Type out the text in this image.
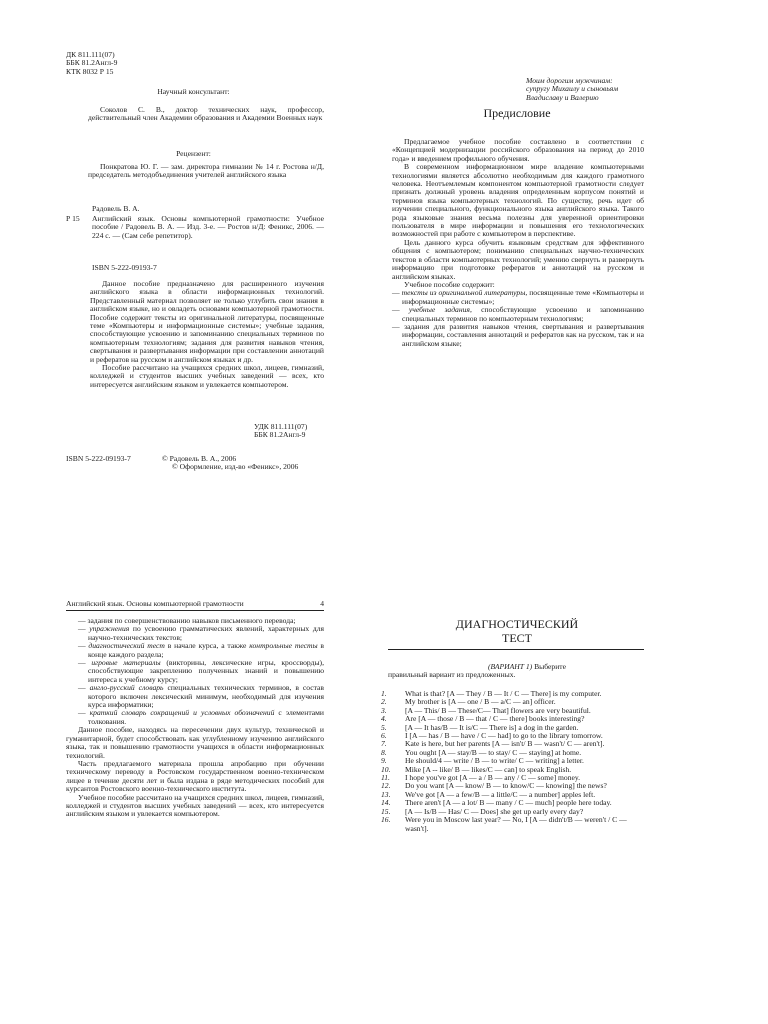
ДК 811.111(07)
ББК 81.2Англ-9
КТК 8032 Р 15
Моим дорогим мужчинам:
супругу Михаилу и сыновьям
Владиславу и Валерию
Научный консультант:
Соколов С. В., доктор технических наук, профессор, действительный член Академии образования и Академии Военных наук
Рецензент:
Понкратова Ю. Г. — зам. директора гимназии № 14 г. Ростова н/Д, председатель методобъединения учителей английского языка
Радовель В. А.
Р 15	Английский язык. Основы компьютерной грамотности: Учебное пособие / Радовель В. А. — Изд. 3-е. — Ростов н/Д: Феникс, 2006. — 224 с. — (Сам себе репетитор).
ISBN 5-222-09193-7

Данное пособие предназначено для расширенного изучения английского языка в области информационных технологий. Представленный материал позволяет не только углубить свои знания в английском языке, но и овладеть основами компьютерной грамотности. Пособие содержит тексты из оригинальной литературы, посвященные теме «Компьютеры и информационные системы»; учебные задания, способствующие усвоению и запоминанию специальных терминов по компьютерным технологиям; задания для развития навыков чтения, свертывания и развертывания информации при составлении аннотаций и рефератов на русском и английском языках и др.

Пособие рассчитано на учащихся средних школ, лицеев, гимназий, колледжей и студентов высших учебных заведений — всех, кто интересуется английским языком и увлекается компьютером.

УДК 811.111(07)
ББК 81.2Англ-9
ISBN 5-222-09193-7	© Радовель В. А., 2006
© Оформление, изд-во «Феникс», 2006
Предисловие

Предлагаемое учебное пособие составлено в соответствии с «Концепцией модернизации российского образования на период до 2010 года» и введением профильного обучения.

В современном информационном мире владение компьютерными технологиями является абсолютно необходимым для каждого грамотного человека. Неотъемлемым компонентом компьютерной грамотности следует признать должный уровень владения определенным корпусом понятий и терминов языка компьютерных технологий. По существу, речь идет об изучении специального, функционального языка английского языка. Такого рода языковые знания весьма полезны для уверенной ориентировки пользователя в мире информации и повышения его технологических возможностей при работе с компьютером в перспективе.

Цель данного курса обучить языковым средствам для эффективного общения с компьютером; пониманию специальных научно-технических текстов в области компьютерных технологий; умению свернуть и развернуть информацию при подготовке рефератов и аннотаций на русском и английском языках.

Учебное пособие содержит:

— тексты из оригинальной литературы, посвященные теме «Компьютеры и информационные системы»;

— учебные задания, способствующие усвоению и запоминанию специальных терминов по компьютерным технологиям;

— задания для развития навыков чтения, свертывания и развертывания информации, составления аннотаций и рефератов как на русском, так и на английском языке;

Английский язык. Основы компьютерной грамотности	4

— задания по совершенствованию навыков письменного перевода;

— упражнения по усвоению грамматических явлений, характерных для научно-технических текстов;

— диагностический тест в начале курса, а также контрольные тесты в конце каждого раздела;

— игровые материалы (викторины, лексические игры, кроссворды), способствующие закреплению полученных знаний и повышению интереса к учебному курсу;

— англо-русский словарь специальных технических терминов, в состав которого включен лексический минимум, необходимый для изучения курса информатики;

— краткий словарь сокращений и условных обозначений с элементами толкования.

Данное пособие, находясь на пересечении двух культур, технической и гуманитарной, будет способствовать как углубленному изучению английского языка, так и повышению грамотности учащихся в области информационных технологий.

Часть предлагаемого материала прошла апробацию при обучении техническому переводу в Ростовском государственном военно-техническом лицее в течение десяти лет и была издана в ряде методических пособий для курсантов Ростовского военно-технического института.

Учебное пособие рассчитано на учащихся средних школ, лицеев, гимназий, колледжей и студентов высших учебных заведений — всех, кто интересуется английским языком и увлекается компьютером.

ДИАГНОСТИЧЕСКИЙ
ТЕСТ
(ВАРИАНТ 1) Выберите
правильный вариант из предложенных.

1. What is that? [A — They / B — It / C — There] is my computer.

2. My brother is [A — one / B — a/C — an] officer.

3. [A — This/ B — These/C— That] flowers are very beautiful.

4. Are [A — those / B — that / C — there] books interesting?

5. [A — It has/B — It is/C — There is] a dog in the garden.

6. I [A — has / B — have / C — had] to go to the library tomorrow.

7. Kate is here, but her parents [A — isn't/ B — wasn't/ C — aren't].

8. You ought [A — stay/B — to stay/ C — staying] at home.

9. He should/4 — write / B — to write/ C — writing] a letter.

10. Mike [A -- like/ B — likes/C — can] to speak English.

11. I hope you've got [A — a / B — any / C — some] money.

12. Do you want [A — know/ B — to know/C — knowing] the news?

13. We've got [A — a few/B — a little/C — a number] apples left.

14. There aren't [A — a lot/ B — many / C — much] people here today.

15. [A — Is/B — Has/ C — Does] she get up early every day?

16. Were you in Moscow last year? — No, I [A — didn't/B — weren't / C — wasn't].
